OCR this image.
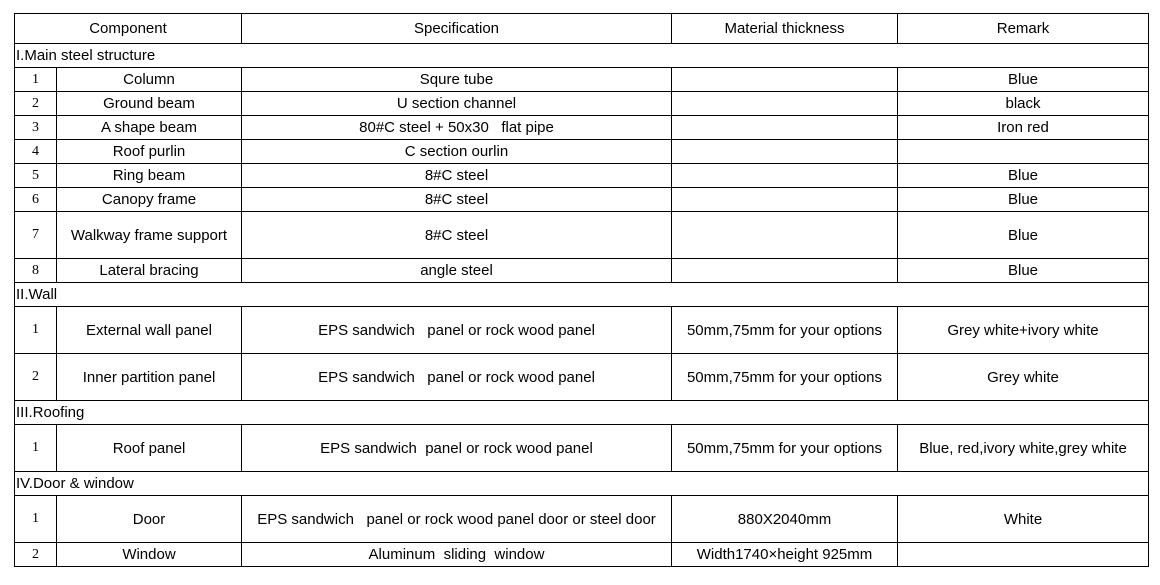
Component		Specification	Material thickness	Remark
I.Main steel structure				
1	Column	Squre tube		Blue
2	Ground beam	U section channel		black
3	A shape beam	80#C steel + 50x30   flat pipe		Iron red
4	Roof purlin	C section ourlin		
5	Ring beam	8#C steel		Blue
6	Canopy frame	8#C steel		Blue
7	Walkway frame support	8#C steel		Blue
8	Lateral bracing	angle steel		Blue
II.Wall				
1	External wall panel	EPS sandwich   panel or rock wood panel	50mm,75mm for your options	Grey white+ivory white
2	Inner partition panel	EPS sandwich   panel or rock wood panel	50mm,75mm for your options	Grey white
III.Roofing				
1	Roof panel	EPS sandwich  panel or rock wood panel	50mm,75mm for your options	Blue, red,ivory white,grey white
IV.Door & window				
1	Door	EPS sandwich   panel or rock wood panel door or steel door	880X2040mm	White
2	Window	Aluminum  sliding  window	Width1740×height 925mm	
